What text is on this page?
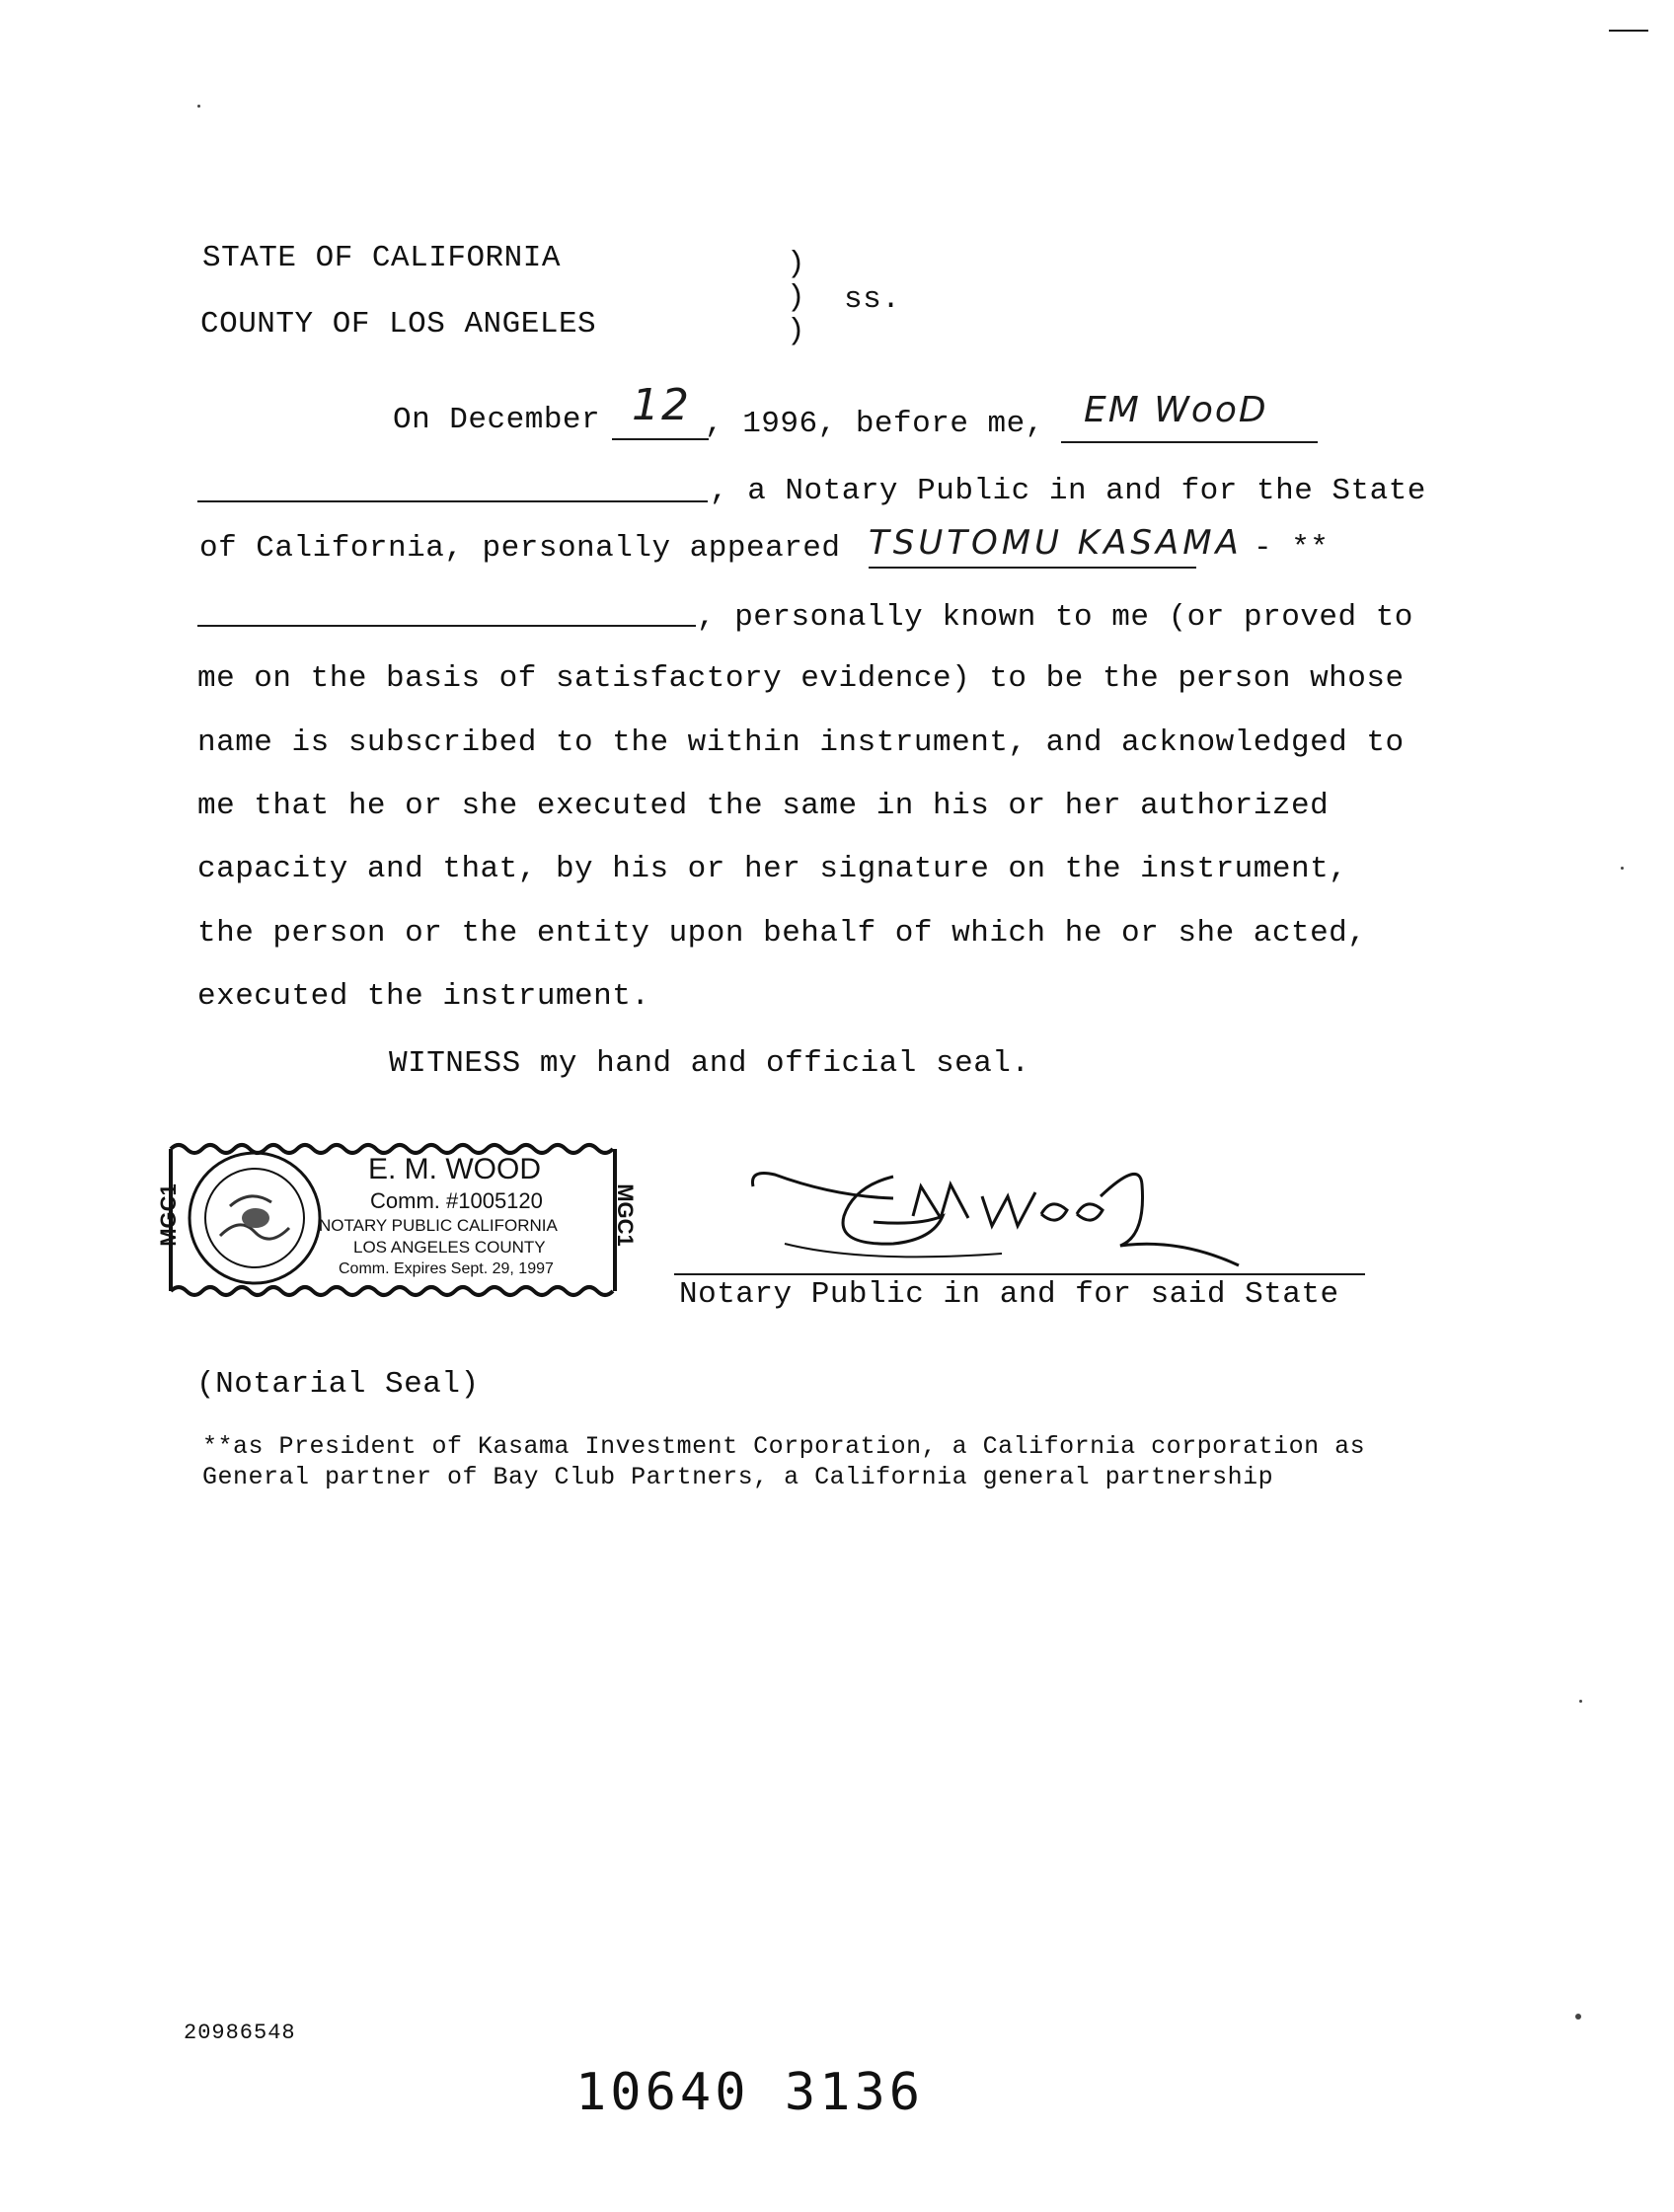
STATE OF CALIFORNIA
COUNTY OF LOS ANGELES
)
)
)
ss.
On December 12 , 1996, before me, EM WooD
, a Notary Public in and for the State
of California, personally appeared TSUTOMU KASAMA - **
, personally known to me (or proved to
me on the basis of satisfactory evidence) to be the person whose
name is subscribed to the within instrument, and acknowledged to
me that he or she executed the same in his or her authorized
capacity and that, by his or her signature on the instrument,
the person or the entity upon behalf of which he or she acted,
executed the instrument.
WITNESS my hand and official seal.
E. M. WOOD
Comm. #1005120
NOTARY PUBLIC CALIFORNIA
LOS ANGELES COUNTY
Comm. Expires Sept. 29, 1997
MGC1	MGC1
Notary Public in and for said State
(Notarial Seal)
**as President of Kasama Investment Corporation, a California corporation as
General partner of Bay Club Partners, a California general partnership
20986548
10640 3136
